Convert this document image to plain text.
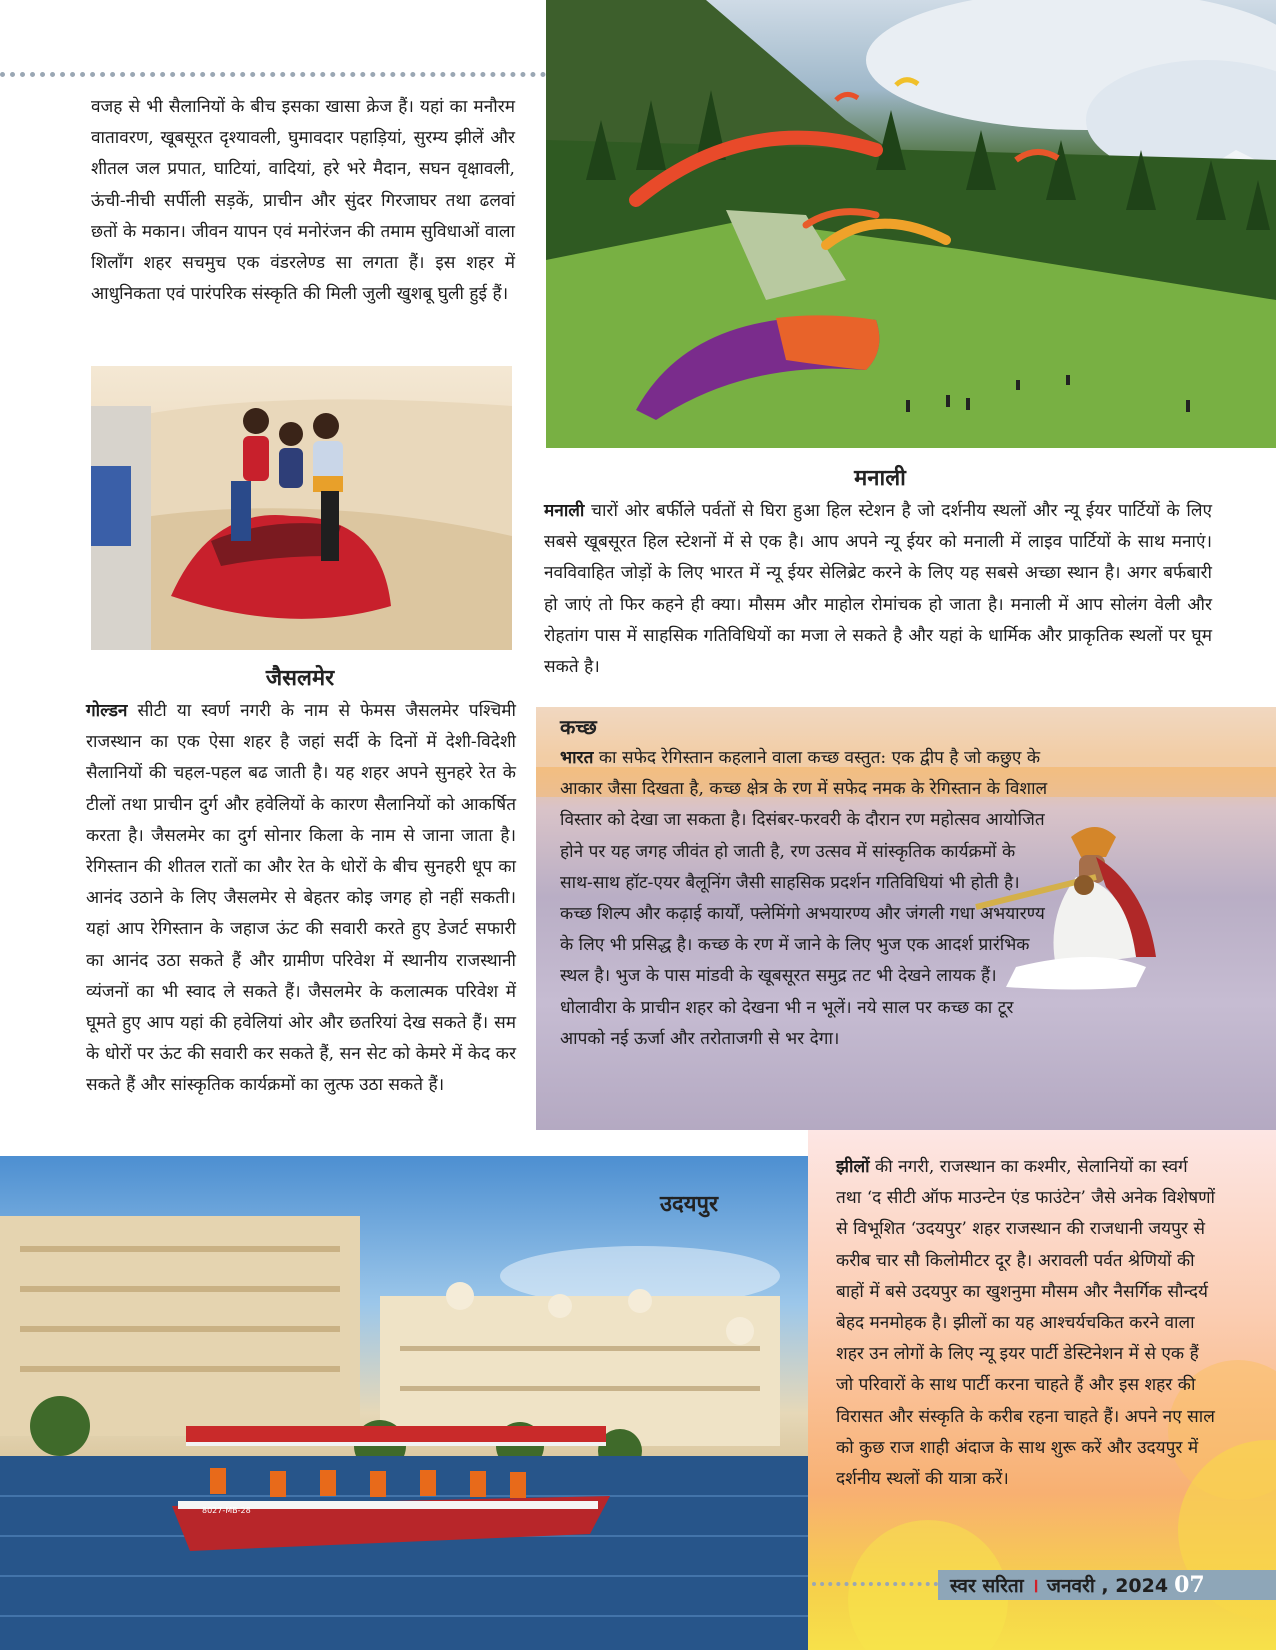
वजह से भी सैलानियों के बीच इसका खासा क्रेज हैं। यहां का मनौरम वातावरण, खूबसूरत दृश्यावली, घुमावदार पहाड़ियां, सुरम्य झीलें और शीतल जल प्रपात, घाटियां, वादियां, हरे भरे मैदान, सघन वृक्षावली, ऊंची-नीची सर्पीली सड़कें, प्राचीन और सुंदर गिरजाघर तथा ढलवां छतों के मकान। जीवन यापन एवं मनोरंजन की तमाम सुविधाओं वाला शिलाँग शहर सचमुच एक वंडरलेण्ड सा लगता हैं। इस शहर में आधुनिकता एवं पारंपरिक संस्कृति की मिली जुली खुशबू घुली हुई हैं।

मनाली

मनाली चारों ओर बर्फीले पर्वतों से घिरा हुआ हिल स्टेशन है जो दर्शनीय स्थलों और न्यू ईयर पार्टियों के लिए सबसे खूबसूरत हिल स्टेशनों में से एक है। आप अपने न्यू ईयर को मनाली में लाइव पार्टियों के साथ मनाएं। नवविवाहित जोड़ों के लिए भारत में न्यू ईयर सेलिब्रेट करने के लिए यह सबसे अच्छा स्थान है। अगर बर्फबारी हो जाएं तो फिर कहने ही क्या। मौसम और माहोल रोमांचक हो जाता है। मनाली में आप सोलंग वेली और रोहतांग पास में साहसिक गतिविधियों का मजा ले सकते है और यहां के धार्मिक और प्राकृतिक स्थलों पर घूम सकते है।

जैसलमेर

गोल्डन सीटी या स्वर्ण नगरी के नाम से फेमस जैसलमेर पश्चिमी राजस्थान का एक ऐसा शहर है जहां सर्दी के दिनों में देशी-विदेशी सैलानियों की चहल-पहल बढ जाती है। यह शहर अपने सुनहरे रेत के टीलों तथा प्राचीन दुर्ग और हवेलियों के कारण सैलानियों को आकर्षित करता है। जैसलमेर का दुर्ग सोनार किला के नाम से जाना जाता है। रेगिस्तान की शीतल रातों का और रेत के धोरों के बीच सुनहरी धूप का आनंद उठाने के लिए जैसलमेर से बेहतर कोइ जगह हो नहीं सकती। यहां आप रेगिस्तान के जहाज ऊंट की सवारी करते हुए डेजर्ट सफारी का आनंद उठा सकते हैं और ग्रामीण परिवेश में स्थानीय राजस्थानी व्यंजनों का भी स्वाद ले सकते हैं। जैसलमेर के कलात्मक परिवेश में घूमते हुए आप यहां की हवेलियां ओर और छतरियां देख सकते हैं। सम के धोरों पर ऊंट की सवारी कर सकते हैं, सन सेट को केमरे में केद कर सकते हैं और सांस्कृतिक कार्यक्रमों का लुत्फ उठा सकते हैं।

कच्छ

भारत का सफेद रेगिस्तान कहलाने वाला कच्छ वस्तुत: एक द्वीप है जो कछुए के आकार जैसा दिखता है, कच्छ क्षेत्र के रण में सफेद नमक के रेगिस्तान के विशाल विस्तार को देखा जा सकता है। दिसंबर-फरवरी के दौरान रण महोत्सव आयोजित होने पर यह जगह जीवंत हो जाती है, रण उत्सव में सांस्कृतिक कार्यक्रमों के साथ-साथ हॉट-एयर बैलूनिंग जैसी साहसिक प्रदर्शन गतिविधियां भी होती है। कच्छ शिल्प और कढ़ाई कार्यों, फ्लेमिंगो अभयारण्य और जंगली गधा अभयारण्य के लिए भी प्रसिद्ध है। कच्छ के रण में जाने के लिए भुज एक आदर्श प्रारंभिक स्थल है। भुज के पास मांडवी के खूबसूरत समुद्र तट भी देखने लायक हैं। धोलावीरा के प्राचीन शहर को देखना भी न भूलें। नये साल पर कच्छ का टूर आपको नई ऊर्जा और तरोताजगी से भर देगा।

8027-MB-28
उदयपुर

झीलों की नगरी, राजस्थान का कश्मीर, सेलानियों का स्वर्ग तथा ‘द सीटी ऑफ माउन्टेन एंड फाउंटेन’ जैसे अनेक विशेषणों से विभूशित ‘उदयपुर’ शहर राजस्थान की राजधानी जयपुर से करीब चार सौ किलोमीटर दूर है। अरावली पर्वत श्रेणियों की बाहों में बसे उदयपुर का खुशनुमा मौसम और नैसर्गिक सौन्दर्य बेहद मनमोहक है। झीलों का यह आश्चर्यचकित करने वाला शहर उन लोगों के लिए न्यू इयर पार्टी डेस्टिनेशन में से एक हैं जो परिवारों के साथ पार्टी करना चाहते हैं और इस शहर की विरासत और संस्कृति के करीब रहना चाहते हैं। अपने नए साल को कुछ राज शाही अंदाज के साथ शुरू करें और उदयपुर में दर्शनीय स्थलों की यात्रा करें।

स्वर सरिता । जनवरी , 2024 07
